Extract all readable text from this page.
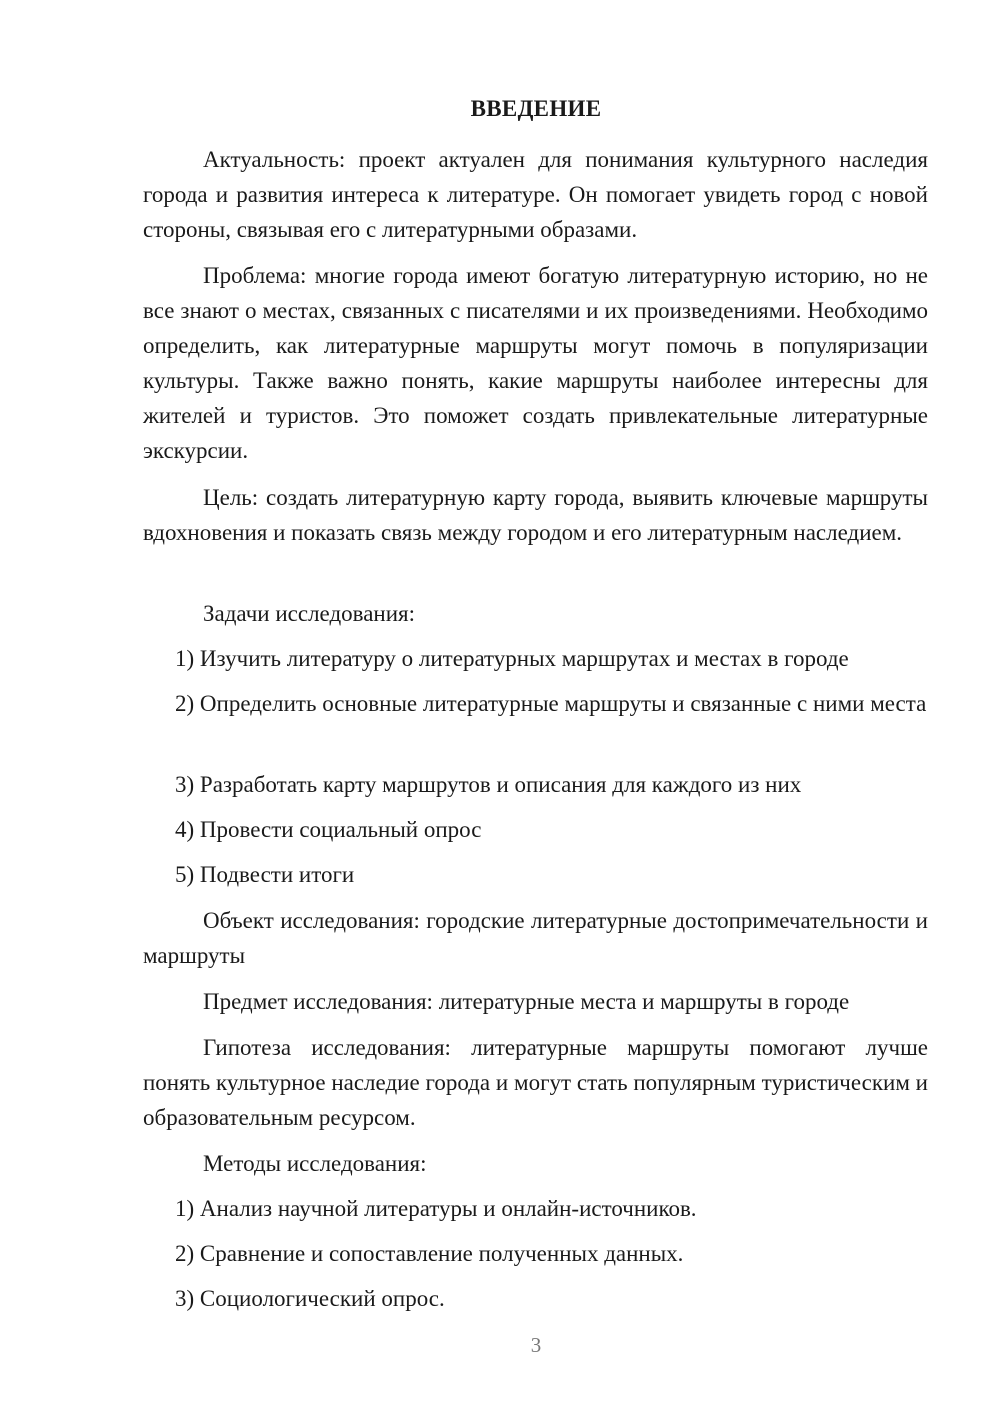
ВВЕДЕНИЕ
Актуальность: проект актуален для понимания культурного наследия города и развития интереса к литературе. Он помогает увидеть город с новой стороны, связывая его с литературными образами.
Проблема: многие города имеют богатую литературную историю, но не все знают о местах, связанных с писателями и их произведениями. Необходимо определить, как литературные маршруты могут помочь в популяризации культуры. Также важно понять, какие маршруты наиболее интересны для жителей и туристов. Это поможет создать привлекательные литературные экскурсии.
Цель: создать литературную карту города, выявить ключевые маршруты вдохновения и показать связь между городом и его литературным наследием.
Задачи исследования:
1) Изучить литературу о литературных маршрутах и местах в городе
2) Определить основные литературные маршруты и связанные с ними места
3) Разработать карту маршрутов и описания для каждого из них
4) Провести социальный опрос
5) Подвести итоги
Объект исследования: городские литературные достопримечательности и маршруты
Предмет исследования: литературные места и маршруты в городе
Гипотеза исследования: литературные маршруты помогают лучше понять культурное наследие города и могут стать популярным туристическим и образовательным ресурсом.
Методы исследования:
1) Анализ научной литературы и онлайн-источников.
2) Сравнение и сопоставление полученных данных.
3) Социологический опрос.
3
